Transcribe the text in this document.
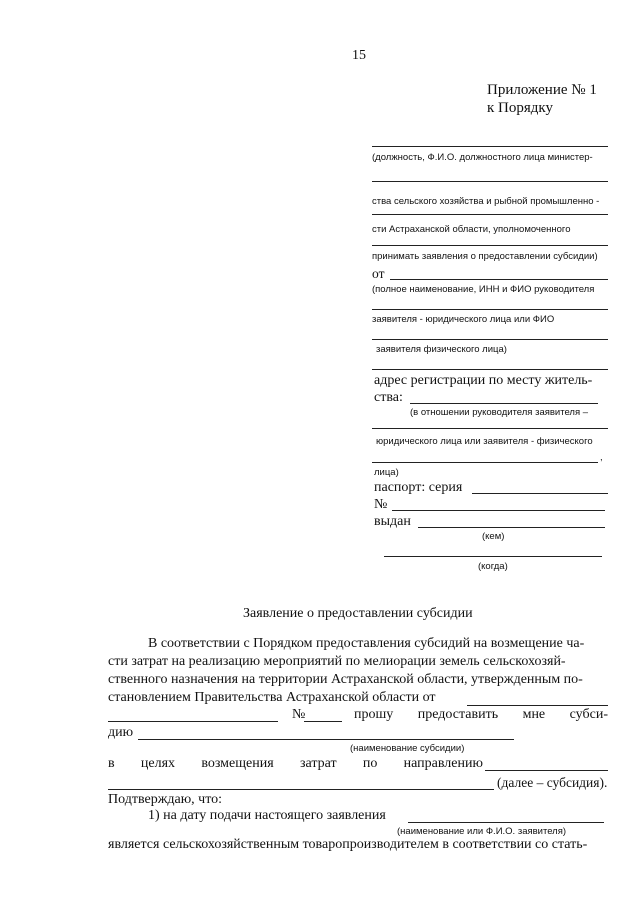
15
Приложение № 1
к Порядку
(должность, Ф.И.О. должностного лица министер-
ства сельского хозяйства и рыбной промышленно -
сти Астраханской области, уполномоченного
принимать заявления о предоставлении субсидии)
от
(полное наименование, ИНН и ФИО руководителя
заявителя - юридического лица или ФИО
заявителя физического лица)
адрес регистрации по месту житель-
ства:
(в отношении руководителя заявителя –
юридического лица или заявителя - физического
,
лица)
паспорт: серия
№
выдан
(кем)
(когда)
Заявление о предоставлении субсидии
В соответствии с Порядком предоставления субсидий на возмещение ча-
сти затрат на реализацию мероприятий по мелиорации земель сельскохозяй-
ственного назначения на территории Астраханской области, утвержденным по-
становлением Правительства Астраханской области от
№	прошу предоставить мне субси-
дию
(наименование субсидии)
в целях возмещения затрат по направлению
(далее – субсидия).
Подтверждаю, что:
1) на дату подачи настоящего заявления
(наименование или Ф.И.О. заявителя)
является сельскохозяйственным товаропроизводителем в соответствии со стать-
